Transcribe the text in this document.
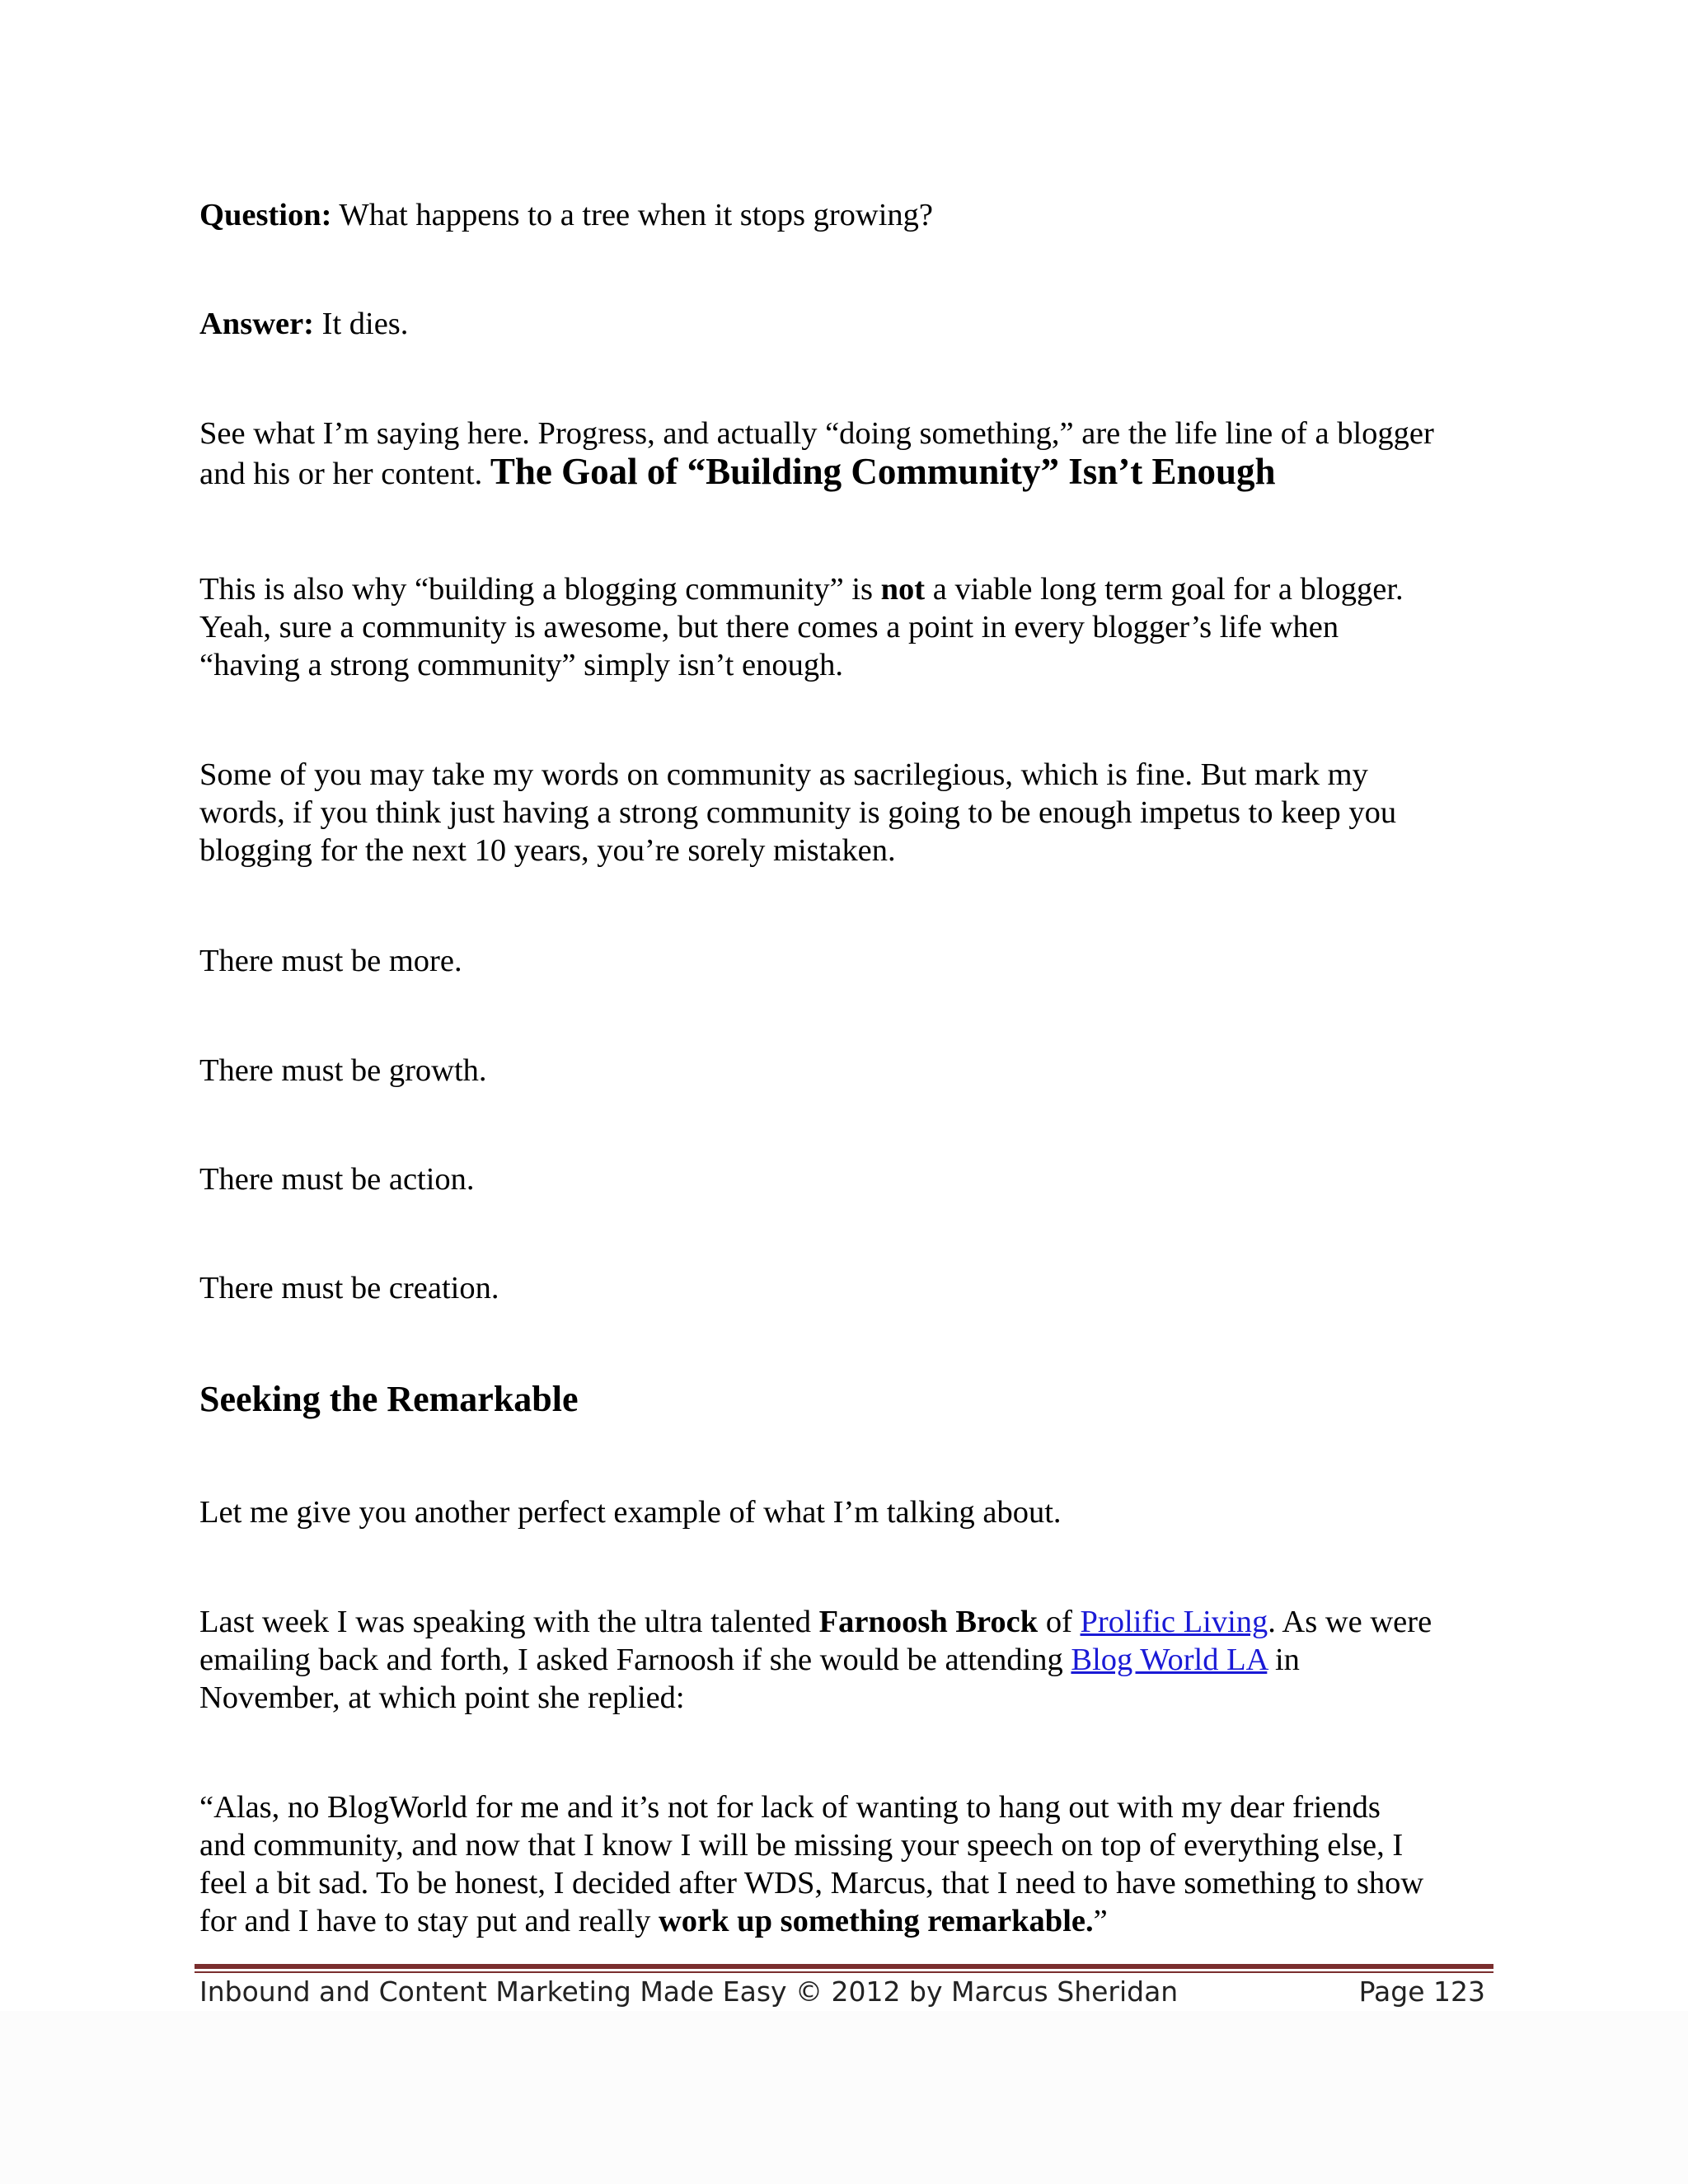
Question: What happens to a tree when it stops growing?

Answer: It dies.

See what I’m saying here. Progress, and actually “doing something,” are the life line of a blogger
and his or her content. The Goal of “Building Community” Isn’t Enough

This is also why “building a blogging community” is not a viable long term goal for a blogger.
Yeah, sure a community is awesome, but there comes a point in every blogger’s life when
“having a strong community” simply isn’t enough.

Some of you may take my words on community as sacrilegious, which is fine. But mark my
words, if you think just having a strong community is going to be enough impetus to keep you
blogging for the next 10 years, you’re sorely mistaken.

There must be more.

There must be growth.

There must be action.

There must be creation.

Seeking the Remarkable

Let me give you another perfect example of what I’m talking about.

Last week I was speaking with the ultra talented Farnoosh Brock of Prolific Living. As we were
emailing back and forth, I asked Farnoosh if she would be attending Blog World LA in
November, at which point she replied:

“Alas, no BlogWorld for me and it’s not for lack of wanting to hang out with my dear friends
and community, and now that I know I will be missing your speech on top of everything else, I
feel a bit sad. To be honest, I decided after WDS, Marcus, that I need to have something to show
for and I have to stay put and really work up something remarkable.”

Inbound and Content Marketing Made Easy © 2012 by Marcus Sheridan	Page 123
